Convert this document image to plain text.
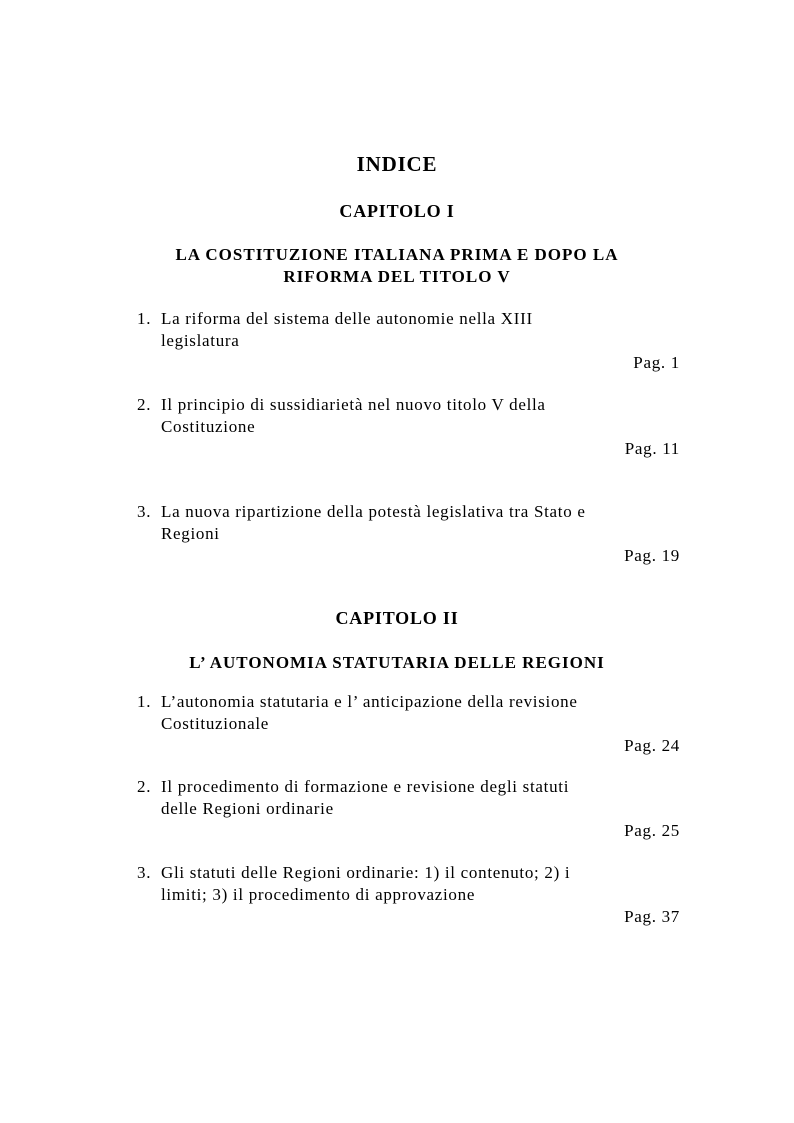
INDICE
CAPITOLO I
LA COSTITUZIONE ITALIANA PRIMA E DOPO LA
RIFORMA DEL TITOLO V
1. La riforma del sistema delle autonomie nella XIII
legislatura
Pag. 1
2. Il principio di sussidiarietà nel nuovo titolo V della
Costituzione
Pag. 11
3. La nuova ripartizione della potestà legislativa tra Stato e
Regioni
Pag. 19
CAPITOLO II
L’ AUTONOMIA STATUTARIA DELLE REGIONI
1. L’autonomia statutaria e l’ anticipazione della revisione
Costituzionale
Pag. 24
2. Il procedimento di formazione e revisione degli statuti
delle Regioni ordinarie
Pag. 25
3. Gli statuti delle Regioni ordinarie: 1) il contenuto; 2) i
limiti; 3) il procedimento di approvazione
Pag. 37
